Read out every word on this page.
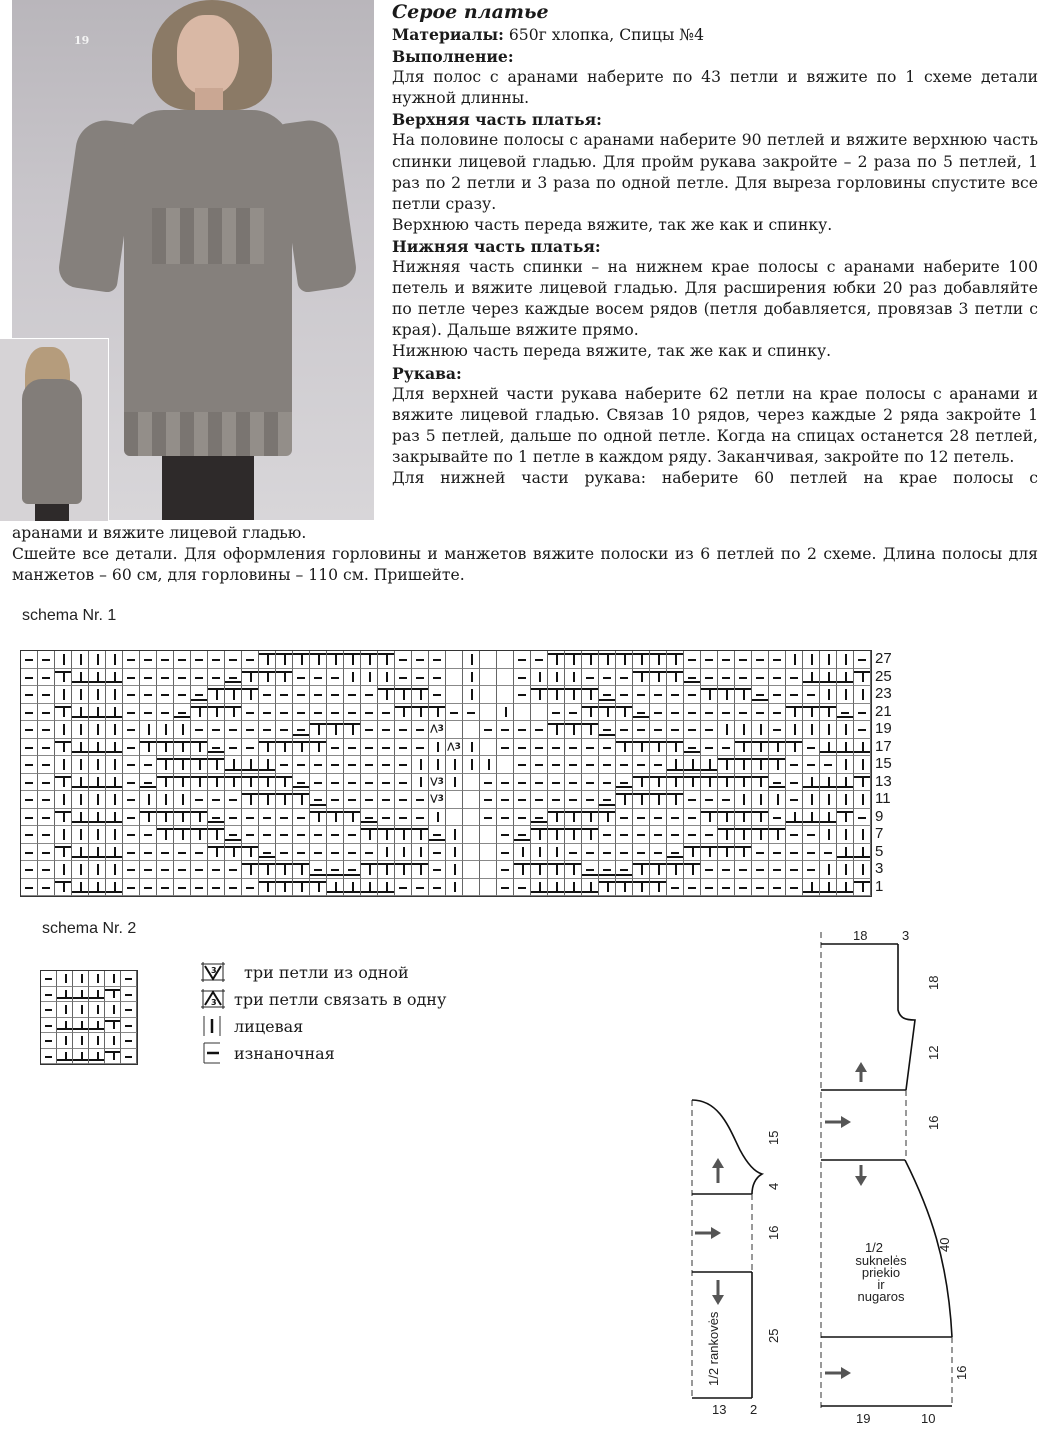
19

Серое платье

Материалы: 650г хлопка, Спицы №4

Выполнение:

Для полос с аранами наберите по 43 петли и вяжите по 1 схеме детали нужной длинны.

Верхняя часть платья:

На половине полосы с аранами наберите 90 петлей и вяжите верхнюю часть спинки лицевой гладью. Для пройм рукава закройте – 2 раза по 5 петлей, 1 раз по 2 петли и 3 раза по одной петле. Для выреза горловины спустите все петли сразу.

Верхнюю часть переда вяжите, так же как и спинку.

Нижняя часть платья:

Нижняя часть спинки – на нижнем крае полосы с аранами наберите 100 петель и вяжите лицевой гладью. Для расширения юбки 20 раз добавляйте по петле через каждые восем рядов (петля добавляется, провязав 3 петли с края). Дальше вяжите прямо.

Нижнюю часть переда вяжите, так же как и спинку.

Рукава:

Для верхней части рукава наберите 62 петли на крае полосы с аранами и вяжите лицевой гладью. Связав 10 рядов, через каждые 2 ряда закройте 1 раз 5 петлей, дальше по одной петле. Когда на спицах останется 28 петлей, закрывайте по 1 петле в каждом ряду. Заканчивая, закройте по 12 петель.

Для нижней части рукава: наберите 60 петлей на крае полосы с

аранами и вяжите лицевой гладью.

Сшейте все детали. Для оформления горловины и манжетов вяжите полоски из 6 петлей по 2 схеме. Длина полосы для манжетов – 60 см, для горловины – 110 см. Пришейте.

schema Nr. 1
⋀3
⋀3
⋁3
⋁3
27
25
23
21
19
17
15
13
11
9
7
5
3
1
schema Nr. 2
3 три петли из одной
3 три петли связать в одну
лицевая
изнаночная
1/2 rankovės
15
4
16
25
13 2
1/2
suknelės
priekio
ir
nugaros
18	3
18
12
16
40
16
19	10
